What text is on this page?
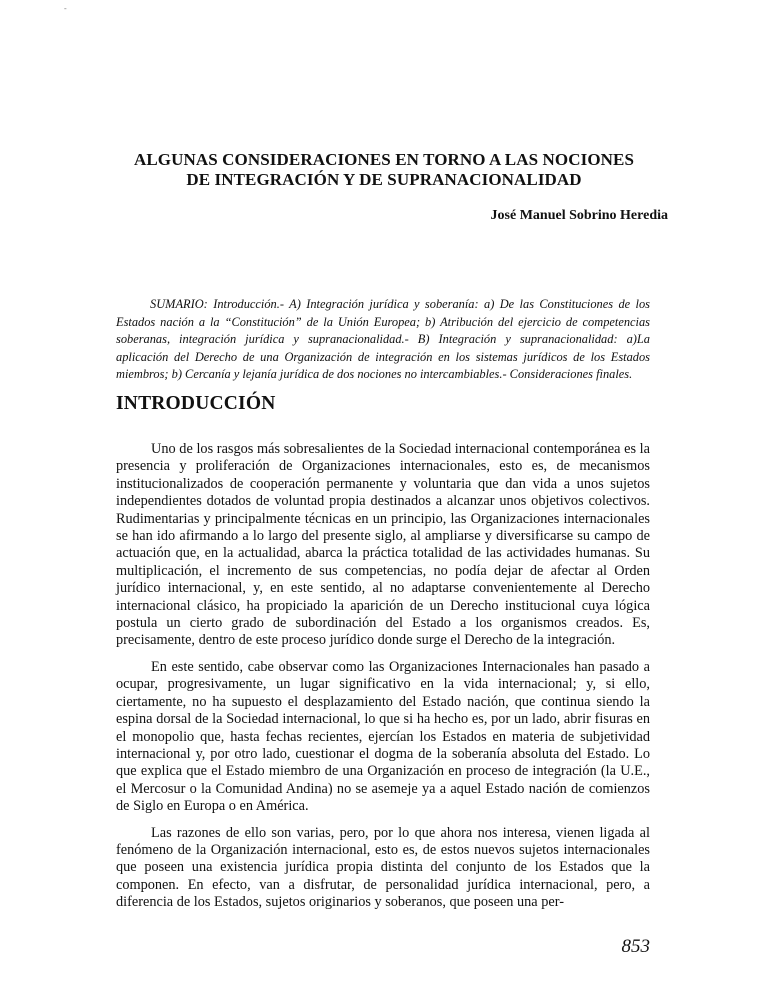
-
ALGUNAS CONSIDERACIONES EN TORNO A LAS NOCIONES
DE INTEGRACIÓN Y DE SUPRANACIONALIDAD
José Manuel Sobrino Heredia
SUMARIO: Introducción.- A) Integración jurídica y soberanía: a) De las Constituciones de los Estados nación a la “Constitución” de la Unión Europea; b) Atribución del ejercicio de competencias soberanas, integración jurídica y supranacionalidad.- B) Integración y supranacionalidad: a)La aplicación del Derecho de una Organización de integración en los sistemas jurídicos de los Estados miembros; b) Cercanía y lejanía jurídica de dos nociones no intercambiables.- Consideraciones finales.
INTRODUCCIÓN

Uno de los rasgos más sobresalientes de la Sociedad internacional contemporánea es la presencia y proliferación de Organizaciones internacionales, esto es, de mecanismos institucionalizados de cooperación permanente y voluntaria que dan vida a unos sujetos independientes dotados de voluntad propia destinados a alcanzar unos objetivos colectivos. Rudimentarias y principalmente técnicas en un principio, las Organizaciones internacionales se han ido afirmando a lo largo del presente siglo, al ampliarse y diversificarse su campo de actuación que, en la actualidad, abarca la práctica totalidad de las actividades humanas. Su multiplicación, el incremento de sus competencias, no podía dejar de afectar al Orden jurídico internacional, y, en este sentido, al no adaptarse convenientemente al Derecho internacional clásico, ha propiciado la aparición de un Derecho institucional cuya lógica postula un cierto grado de subordinación del Estado a los organismos creados. Es, precisamente, dentro de este proceso jurídico donde surge el Derecho de la integración.

En este sentido, cabe observar como las Organizaciones Internacionales han pasado a ocupar, progresivamente, un lugar significativo en la vida internacional; y, si ello, ciertamente, no ha supuesto el desplazamiento del Estado nación, que continua siendo la espina dorsal de la Sociedad internacional, lo que si ha hecho es, por un lado, abrir fisuras en el monopolio que, hasta fechas recientes, ejercían los Estados en materia de subjetividad internacional y, por otro lado, cuestionar el dogma de la soberanía absoluta del Estado. Lo que explica que el Estado miembro de una Organización en proceso de integración (la U.E., el Mercosur o la Comunidad Andina) no se asemeje ya a aquel Estado nación de comienzos de Siglo en Europa o en América.

Las razones de ello son varias, pero, por lo que ahora nos interesa, vienen ligada al fenómeno de la Organización internacional, esto es, de estos nuevos sujetos internacionales que poseen una existencia jurídica propia distinta del conjunto de los Estados que la componen. En efecto, van a disfrutar, de personalidad jurídica internacional, pero, a diferencia de los Estados, sujetos originarios y soberanos, que poseen una per-

853
